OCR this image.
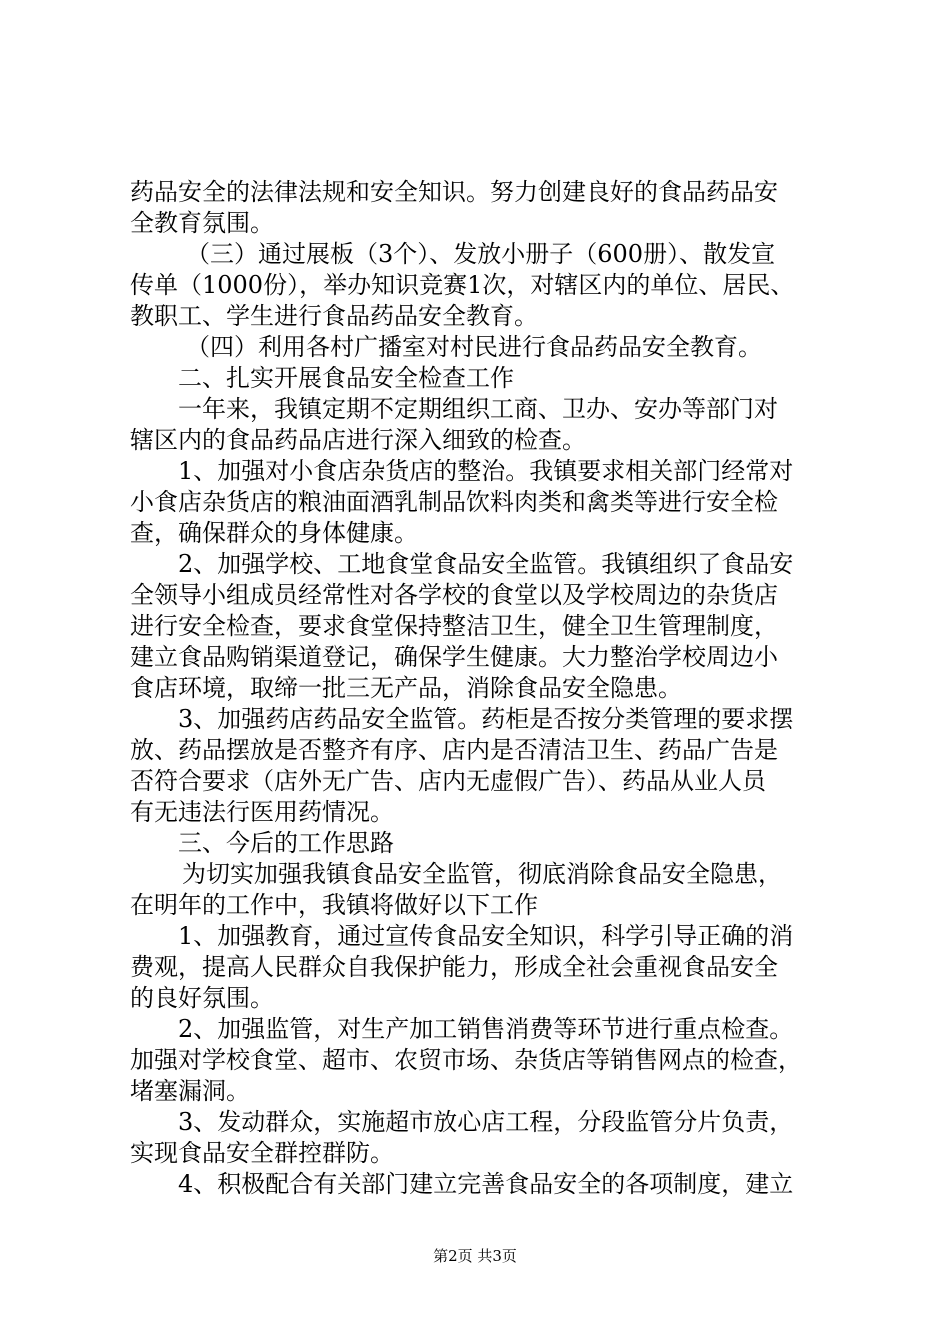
药品安全的法律法规和安全知识。努力创建良好的食品药品安
全教育氛围。
（三）通过展板（3个）、发放小册子（600册）、散发宣
传单（1000份），举办知识竞赛1次，对辖区内的单位、居民、
教职工、学生进行食品药品安全教育。
（四）利用各村广播室对村民进行食品药品安全教育。
二、扎实开展食品安全检查工作
一年来，我镇定期不定期组织工商、卫办、安办等部门对
辖区内的食品药品店进行深入细致的检查。
1、加强对小食店杂货店的整治。我镇要求相关部门经常对
小食店杂货店的粮油面酒乳制品饮料肉类和禽类等进行安全检
查，确保群众的身体健康。
2、加强学校、工地食堂食品安全监管。我镇组织了食品安
全领导小组成员经常性对各学校的食堂以及学校周边的杂货店
进行安全检查，要求食堂保持整洁卫生，健全卫生管理制度，
建立食品购销渠道登记，确保学生健康。大力整治学校周边小
食店环境，取缔一批三无产品，消除食品安全隐患。
3、加强药店药品安全监管。药柜是否按分类管理的要求摆
放、药品摆放是否整齐有序、店内是否清洁卫生、药品广告是
否符合要求（店外无广告、店内无虚假广告）、药品从业人员
有无违法行医用药情况。
三、今后的工作思路
为切实加强我镇食品安全监管，彻底消除食品安全隐患，
在明年的工作中，我镇将做好以下工作
1、加强教育，通过宣传食品安全知识，科学引导正确的消
费观，提高人民群众自我保护能力，形成全社会重视食品安全
的良好氛围。
2、加强监管，对生产加工销售消费等环节进行重点检查。
加强对学校食堂、超市、农贸市场、杂货店等销售网点的检查，
堵塞漏洞。
3、发动群众，实施超市放心店工程，分段监管分片负责，
实现食品安全群控群防。
4、积极配合有关部门建立完善食品安全的各项制度，建立
第2页 共3页
